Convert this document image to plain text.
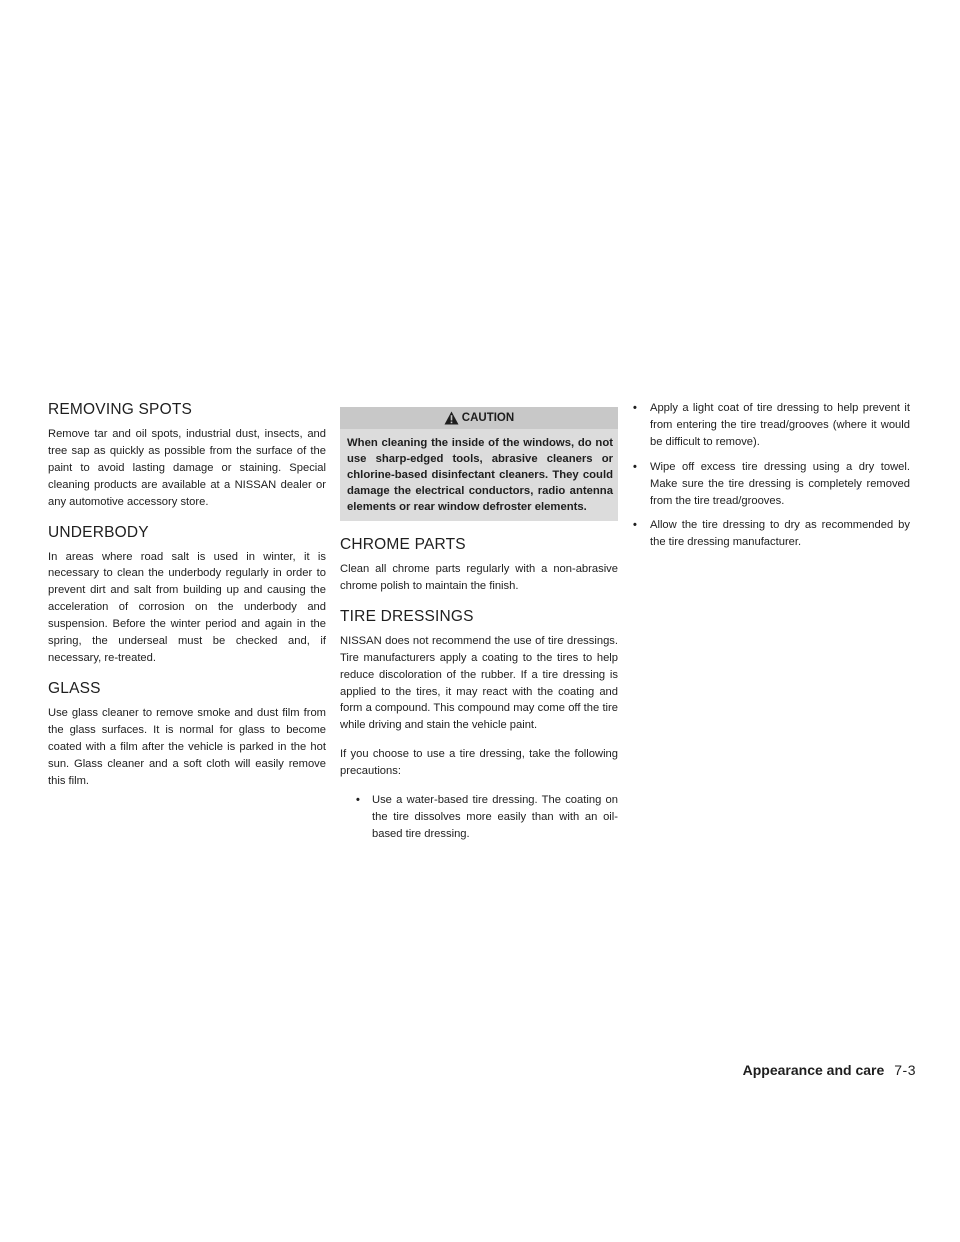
REMOVING SPOTS

Remove tar and oil spots, industrial dust, insects, and tree sap as quickly as possible from the surface of the paint to avoid lasting damage or staining. Special cleaning products are available at a NISSAN dealer or any automotive accessory store.

UNDERBODY

In areas where road salt is used in winter, it is necessary to clean the underbody regularly in order to prevent dirt and salt from building up and causing the acceleration of corrosion on the underbody and suspension. Before the winter period and again in the spring, the underseal must be checked and, if necessary, re-treated.

GLASS

Use glass cleaner to remove smoke and dust film from the glass surfaces. It is normal for glass to become coated with a film after the vehicle is parked in the hot sun. Glass cleaner and a soft cloth will easily remove this film.

CAUTION

When cleaning the inside of the windows, do not use sharp-edged tools, abrasive cleaners or chlorine-based disinfectant cleaners. They could damage the electrical conductors, radio antenna elements or rear window defroster elements.

CHROME PARTS

Clean all chrome parts regularly with a non-abrasive chrome polish to maintain the finish.

TIRE DRESSINGS

NISSAN does not recommend the use of tire dressings. Tire manufacturers apply a coating to the tires to help reduce discoloration of the rubber. If a tire dressing is applied to the tires, it may react with the coating and form a compound. This compound may come off the tire while driving and stain the vehicle paint.

If you choose to use a tire dressing, take the following precautions:

• Use a water-based tire dressing. The coating on the tire dissolves more easily than with an oil-based tire dressing.
• Apply a light coat of tire dressing to help prevent it from entering the tire tread/grooves (where it would be difficult to remove).
• Wipe off excess tire dressing using a dry towel. Make sure the tire dressing is completely removed from the tire tread/grooves.
• Allow the tire dressing to dry as recommended by the tire dressing manufacturer.
Appearance and care 7-3
